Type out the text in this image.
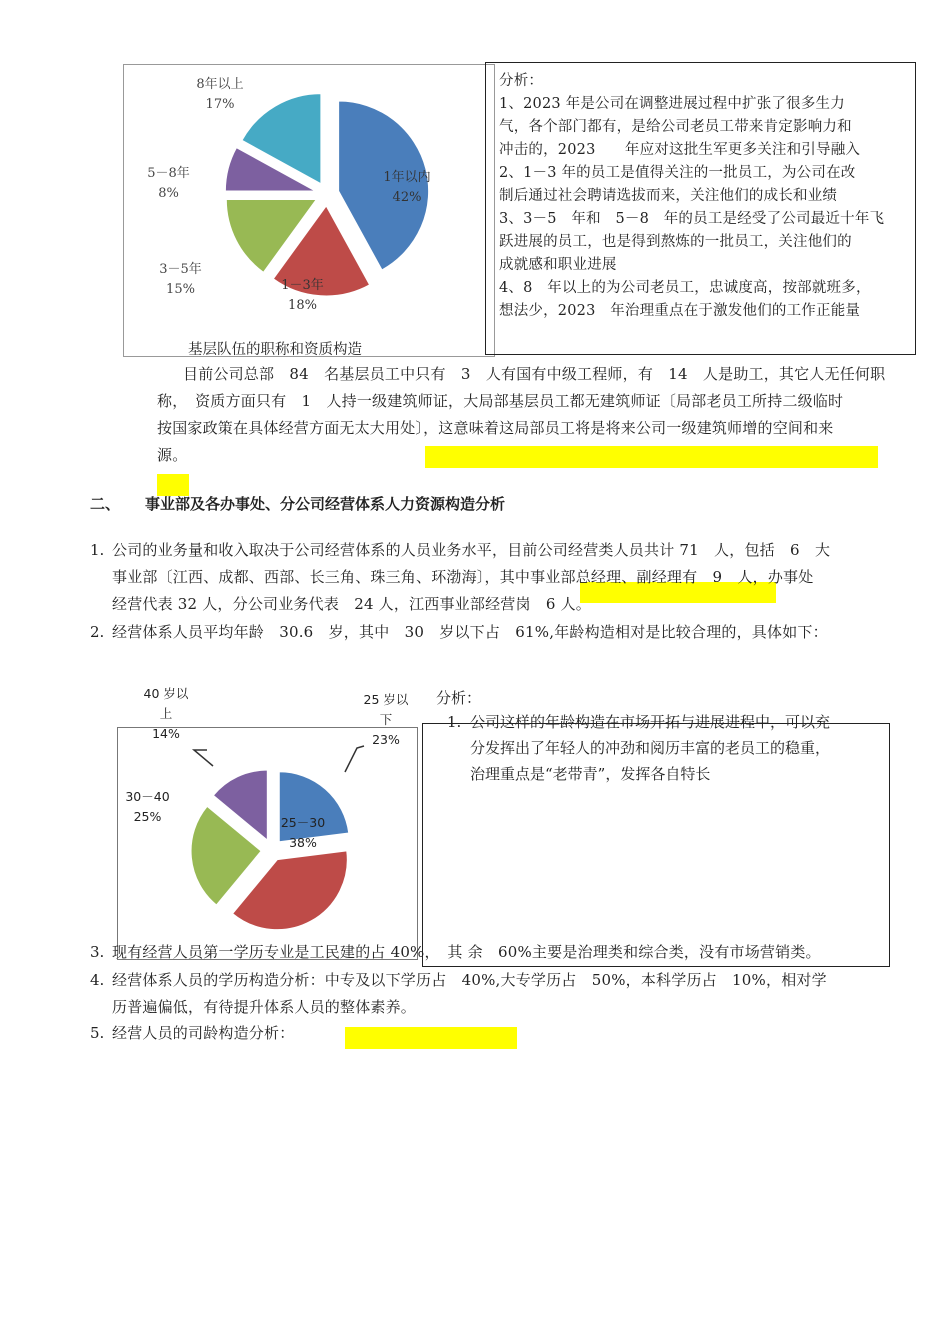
1年以内
42%
1－3年
18%
3－5年
15%
5－8年
8%
8年以上
17%
基层队伍的职称和资质构造
分析：
1、2023 年是公司在调整进展过程中扩张了很多生力
气，各个部门都有，是给公司老员工带来肯定影响力和
冲击的，2023　　年应对这批生军更多关注和引导融入
2、1－3 年的员工是值得关注的一批员工，为公司在改
制后通过社会聘请选拔而来，关注他们的成长和业绩
3、3－5　年和　5－8　年的员工是经受了公司最近十年飞
跃进展的员工，也是得到熬炼的一批员工，关注他们的
成就感和职业进展
4、8　年以上的为公司老员工，忠诚度高，按部就班多，
想法少，2023　年治理重点在于激发他们的工作正能量
目前公司总部　84　名基层员工中只有　3　人有国有中级工程师，有　14　人是助工，其它人无任何职
称，　资质方面只有　1　人持一级建筑师证，大局部基层员工都无建筑师证〔局部老员工所持二级临时
按国家政策在具体经营方面无太大用处〕，这意味着这局部员工将是将来公司一级建筑师增的空间和来
源。
二、 事业部及各办事处、分公司经营体系人力资源构造分析
1. 公司的业务量和收入取决于公司经营体系的人员业务水平，目前公司经营类人员共计 71　人，包括　6　大
事业部〔江西、成都、西部、长三角、珠三角、环渤海〕，其中事业部总经理、副经理有　9　人，办事处
经营代表 32 人，分公司业务代表　24 人，江西事业部经营岗　6 人。
2. 经营体系人员平均年龄　30.6　岁，其中　30　岁以下占　61%,年龄构造相对是比较合理的，具体如下：
25 岁以下
23%
25－30
38%
30－40
25%
40 岁以上
14%
分析：
1. 公司这样的年龄构造在市场开拓与进展进程中，可以充
分发挥出了年轻人的冲劲和阅历丰富的老员工的稳重，
治理重点是“老带青”，发挥各自特长
3. 现有经营人员第一学历专业是工民建的占 40%，　其 余　60%主要是治理类和综合类，没有市场营销类。
4. 经营体系人员的学历构造分析：中专及以下学历占　40%,大专学历占　50%，本科学历占　10%，相对学
历普遍偏低，有待提升体系人员的整体素养。
5. 经营人员的司龄构造分析：
